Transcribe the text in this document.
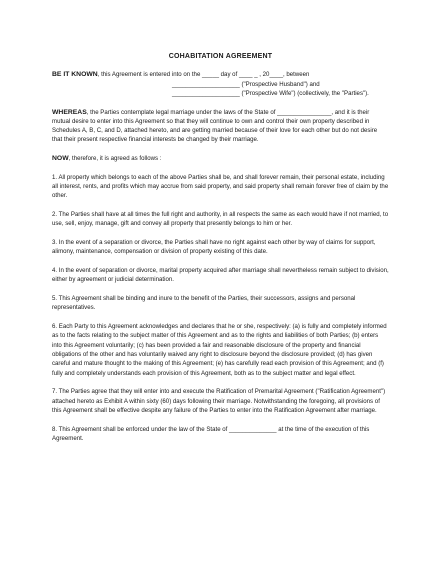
COHABITATION AGREEMENT
BE IT KNOWN, this Agreement is entered into on the _____ day of ____ _ , 20____, between
____________________ ("Prospective Husband") and
____________________ ("Prospective Wife") (collectively, the "Parties").
WHEREAS, the Parties contemplate legal marriage under the laws of the State of ________________, and it is their mutual desire to enter into this Agreement so that they will continue to own and control their own property described in Schedules A, B, C, and D, attached hereto, and are getting married because of their love for each other but do not desire that their present respective financial interests be changed by their marriage.
NOW, therefore, it is agreed as follows :
1. All property which belongs to each of the above Parties shall be, and shall forever remain, their personal estate, including all interest, rents, and profits which may accrue from said property, and said property shall remain forever free of claim by the other.
2. The Parties shall have at all times the full right and authority, in all respects the same as each would have if not married, to use, sell, enjoy, manage, gift and convey all property that presently belongs to him or her.
3. In the event of a separation or divorce, the Parties shall have no right against each other by way of claims for support, alimony, maintenance, compensation or division of property existing of this date.
4. In the event of separation or divorce, marital property acquired after marriage shall nevertheless remain subject to division, either by agreement or judicial determination.
5. This Agreement shall be binding and inure to the benefit of the Parties, their successors, assigns and personal representatives.
6. Each Party to this Agreement acknowledges and declares that he or she, respectively: (a) is fully and completely informed as to the facts relating to the subject matter of this Agreement and as to the rights and liabilities of both Parties; (b) enters into this Agreement voluntarily; (c) has been provided a fair and reasonable disclosure of the property and financial obligations of the other and has voluntarily waived any right to disclosure beyond the disclosure provided; (d) has given careful and mature thought to the making of this Agreement; (e) has carefully read each provision of this Agreement; and (f) fully and completely understands each provision of this Agreement, both as to the subject matter and legal effect.
7. The Parties agree that they will enter into and execute the Ratification of Premarital Agreement ("Ratification Agreement") attached hereto as Exhibit A within sixty (60) days following their marriage. Notwithstanding the foregoing, all provisions of this Agreement shall be effective despite any failure of the Parties to enter into the Ratification Agreement after marriage.
8. This Agreement shall be enforced under the law of the State of ______________ at the time of the execution of this Agreement.
